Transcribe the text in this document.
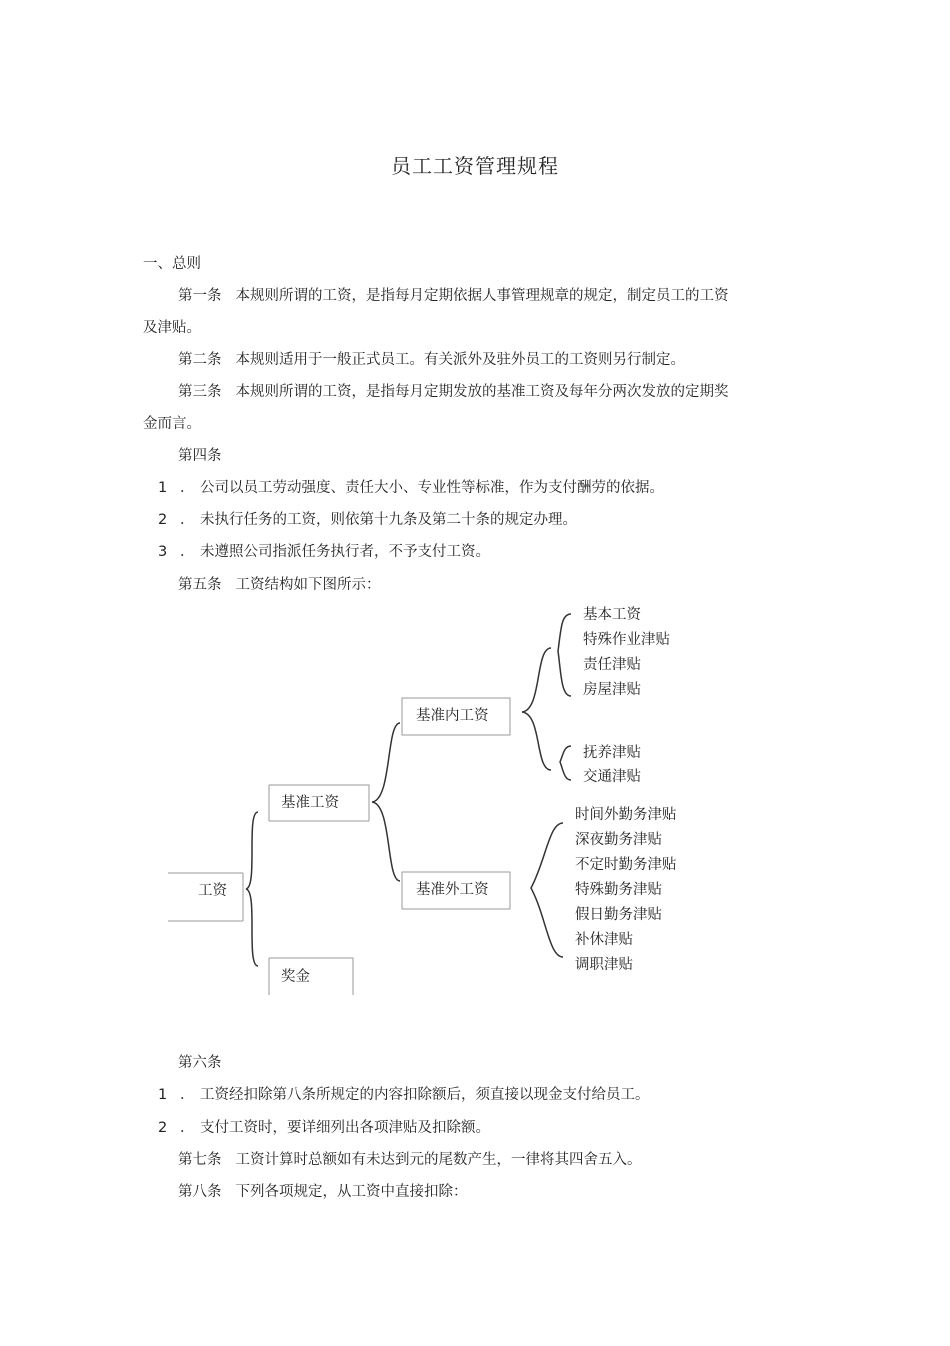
员工工资管理规程
一、总则
第一条 本规则所谓的工资，是指每月定期依据人事管理规章的规定，制定员工的工资
及津贴。
第二条 本规则适用于一般正式员工。有关派外及驻外员工的工资则另行制定。
第三条 本规则所谓的工资，是指每月定期发放的基准工资及每年分两次发放的定期奖
金而言。
第四条
1 ． 公司以员工劳动强度、责任大小、专业性等标准，作为支付酬劳的依据。
2 ． 未执行任务的工资，则依第十九条及第二十条的规定办理。
3 ． 未遵照公司指派任务执行者，不予支付工资。
第五条 工资结构如下图所示：
工资
基准工资
奖金
基准内工资
基准外工资
基本工资
特殊作业津贴
责任津贴
房屋津贴
抚养津贴
交通津贴
时间外勤务津贴
深夜勤务津贴
不定时勤务津贴
特殊勤务津贴
假日勤务津贴
补休津贴
调职津贴
第六条
1 ． 工资经扣除第八条所规定的内容扣除额后，须直接以现金支付给员工。
2 ． 支付工资时，要详细列出各项津贴及扣除额。
第七条 工资计算时总额如有未达到元的尾数产生，一律将其四舍五入。
第八条 下列各项规定，从工资中直接扣除：
